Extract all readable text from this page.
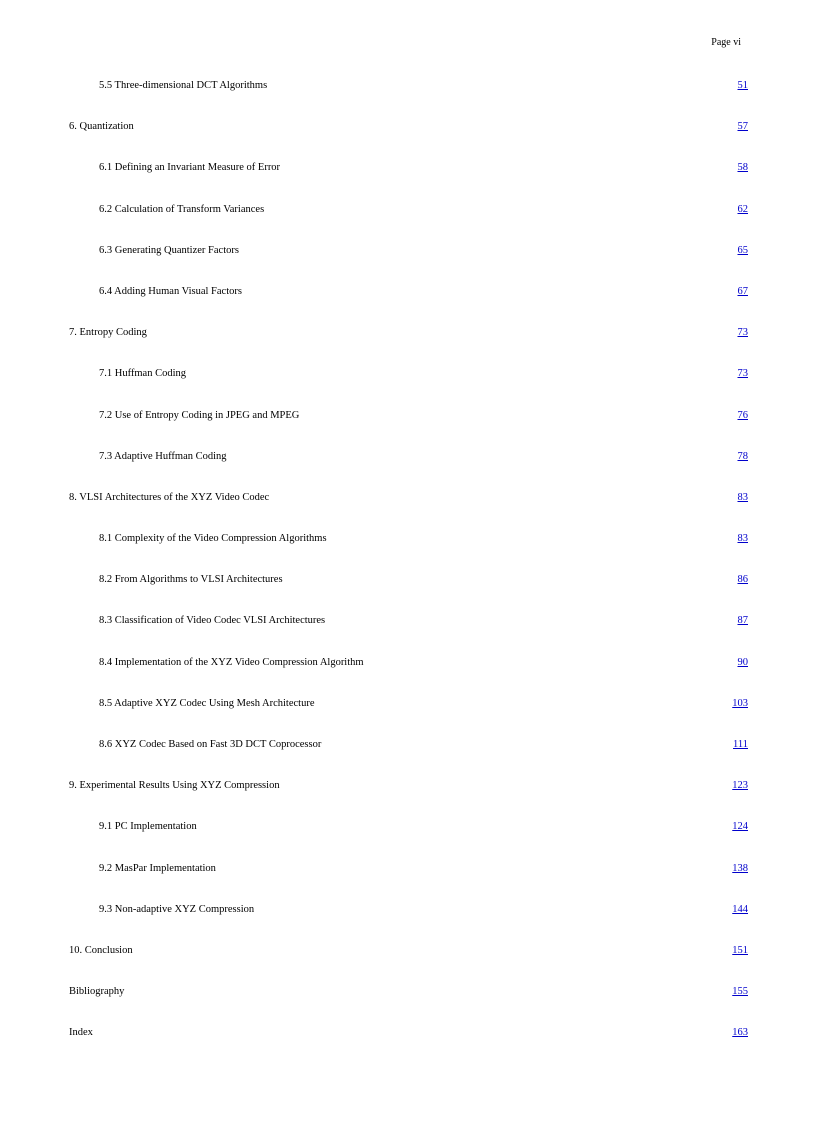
Page vi
5.5 Three-dimensional DCT Algorithms	51
6. Quantization	57
6.1 Defining an Invariant Measure of Error	58
6.2 Calculation of Transform Variances	62
6.3 Generating Quantizer Factors	65
6.4 Adding Human Visual Factors	67
7. Entropy Coding	73
7.1 Huffman Coding	73
7.2 Use of Entropy Coding in JPEG and MPEG	76
7.3 Adaptive Huffman Coding	78
8. VLSI Architectures of the XYZ Video Codec	83
8.1 Complexity of the Video Compression Algorithms	83
8.2 From Algorithms to VLSI Architectures	86
8.3 Classification of Video Codec VLSI Architectures	87
8.4 Implementation of the XYZ Video Compression Algorithm	90
8.5 Adaptive XYZ Codec Using Mesh Architecture	103
8.6 XYZ Codec Based on Fast 3D DCT Coprocessor	111
9. Experimental Results Using XYZ Compression	123
9.1 PC Implementation	124
9.2 MasPar Implementation	138
9.3 Non-adaptive XYZ Compression	144
10. Conclusion	151
Bibliography	155
Index	163
